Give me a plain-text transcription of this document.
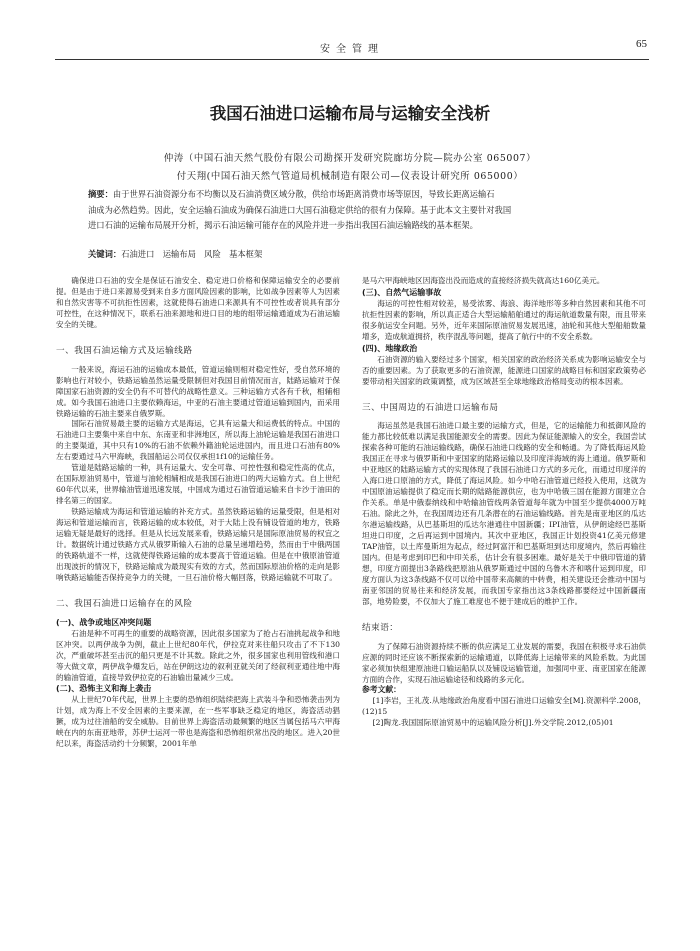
安全管理	65
我国石油进口运输布局与运输安全浅析
仲涛（中国石油天然气股份有限公司勘探开发研究院廊坊分院—院办公室 065007）
付天翔(中国石油天然气管道局机械制造有限公司—仪表设计研究所 065000）
摘要：由于世界石油资源分布不均衡以及石油消费区域分散，供给市场距离消费市场等原因，导致长距离运输石
油成为必然趋势。因此，安全运输石油成为确保石油进口大国石油稳定供给的很有力保障。基于此本文主要针对我国
进口石油的运输布局展开分析，揭示石油运输可能存在的风险并进一步指出我国石油运输路线的基本框架。
关键词：石油进口　运输布局　风险　基本框架
确保进口石油的安全是保证石油安全、稳定进口价格和保障运输安全的必要前提。但是由于进口来源易受到来自多方面风险因素的影响，比如战争因素等人为因素和自然灾害等不可抗拒性因素，这就使得石油进口来源具有不可控性或者说具有部分可控性，在这种情况下，联系石油来源地和进口目的地的组带运输通道成为石油运输安全的关键。
一、我国石油运输方式及运输线路
一般来说，海运石油的运输成本最低，管道运输则相对稳定性好，受自然环境的影响也行对较小，铁路运输虽然运量受限制但对我国目前情况而言，陆路运输对于保障国家石油资源的安全仍有不可替代的战略性意义。三种运输方式各有千秋，相辅相成。如今我国石油进口主要依赖海运，中亚的石油主要通过管道运输到国内，而采用铁路运输的石油主要来自俄罗斯。
国际石油贸易最主要的运输方式是海运，它具有运量大和运费低的特点。中国的石油进口主要集中来自中东、东南亚和非洲地区，所以海上油轮运输是我国石油进口的主要渠道，其中只有10%的石油不依赖外籍油轮运进国内，而且进口石油有80%左右要通过马六甲海峡，我国船运公司仅仅承担1f10的运输任务。
管道是陆路运输的一种，具有运量大、安全可靠、可控性强和稳定性高的优点，在国际原油贸易中，管道与油轮相辅相成是我国石油进口的两大运输方式。自上世纪60年代以来，世界输油管道迅速发展，中国成为通过石油管道运输来自卡沙于油田的排名第三的国家。
铁路运输成为海运和管道运输的补充方式。虽然铁路运输的运量受限，但是相对海运和管道运输而言，铁路运输的成本较低，对于大陆上没有铺设管道的地方，铁路运输无疑是最好的选择。但是从长远发展来看，铁路运输只是国际原油贸易的权宜之计。数据统计通过铁路方式从俄罗斯输入石油的总量呈递增趋势，然而由于中俄两国的铁路轨道不一样，这就使得铁路运输的成本要高于管道运输。但是在中俄原油管道出现波折的情况下，铁路运输成为最现实有效的方式，然而国际原油价格的走向是影响铁路运输能否保持竞争力的关键，一旦石油价格大幅回落，铁路运输就不可取了。
二、我国石油进口运输存在的风险
(一)、战争或地区冲突问题
石油是种不可再生的重要的战略资源，因此很多国家为了抢占石油挑起战争和地区冲突。以两伊战争为例，截止上世纪80年代，伊拉克对来往船只攻击了不下130次，严重破坏甚至击沉的船只更是不计其数。除此之外，很多国家也利用管线和港口等大做文章，两伊战争爆发后，站在伊朗这边的叙利亚就关闭了经叙利亚通往地中海的输油管道，直接导致伊拉克的石油输出量减少三成。
(二)、恐怖主义和海上袭击
从上世纪70年代起，世界上主要的恐怖组织陆续把海上武装斗争和恐怖袭击列为计划，成为海上不安全因素的主要来源，在一些军事缺乏稳定的地区，海盗活动猖獗，成为过往油船的安全威胁。目前世界上海盗活动最频繁的地区当属包括马六甲海峡在内的东南亚地带，苏伊士运河一带也是海盗和恐怖组织常出没的地区。进入20世纪以来，海盗活动约十分频繁，2001年单
是马六甲海峡地区因海盗出没而造成的直接经济损失就高达160亿美元。
(三)、自然气运输事故
海运的可控性相对较差，易受浓雾、海浪、海洋地形等多种自然因素和其他不可抗拒性因素的影响，所以真正适合大型运输船舶通过的海运航道数量有限，而且带来很多航运安全问题。另外，近年来国际原油贸易发展迅速，油轮和其他大型船舶数量增多，造成航道拥挤，秩序混乱等问题，提高了航行中的不安全系数。
(四)、地缘政治
石油资源的输入要经过多个国家，相关国家的政治经济关系成为影响运输安全与否的重要因素。为了获取更多的石油资源，能源进口国家的战略目标和国家政策势必要带动相关国家的政策调整，成为区域甚至全球地缘政治格局变动的根本因素。
三、中国周边的石油进口运输布局
海运虽然是我国石油进口最主要的运输方式，但是，它的运输能力和抵御风险的能力都比较低难以满足我国能源安全的需要。因此为保证能源输入的安全，我国尝试探索各种可能的石油运输线路，确保石油进口线路的安全和畅通。为了降低海运风险我国正在寻求与俄罗斯和中亚国家的陆路运输以及印度洋海域的海上通道。俄罗斯和中亚地区的陆路运输方式的实现体现了我国石油进口方式的多元化，而通过印度洋的入海口进口原油的方式，降低了海运风险。如今中哈石油管道已经投入使用，这就为中国原油运输提供了稳定而长期的陆路能源供应，也为中哈俄三国在能源方面建立合作关系。单是中俄泰纳线和中哈输油管线两条管道每年就为中国至少提供4000万吨石油。除此之外，在我国周边还有几条潜在的石油运输线路。首先是南亚地区的瓜达尔港运输线路，从巴基斯坦的瓜达尔港通往中国新疆；IPI油管，从伊朗途经巴基斯坦进口印度，之后再运到中国境内。其次中亚地区，我国正计划投资41亿美元修建TAP油管，以土库曼斯坦为起点，经过阿富汗和巴基斯坦到达印度境内，然后再输往国内。但是考虑到印巴和中印关系，估计会有很多困难。最好是关于中俄印管道的猜想，印度方面提出3条路线把原油从俄罗斯通过中国的乌鲁木齐和喀什运到印度，印度方面认为这3条线路不仅可以给中国带来高额的中转费，相关建设还会推动中国与南亚邻国的贸易往来和经济发展，而我国专家指出这3条线路都要经过中国新疆南部，地势险要，不仅加大了施工难度也不便于建成后的维护工作。
结束语：
为了保障石油资源持续不断的供应满足工业发展的需要，我国在积极寻求石油供应源的同时还应该不断探索新的运输通道，以降低海上运输带来的风险系数。为此国家必须加快组建原油进口输运船队以及铺设运输管道，加强同中亚、南亚国家在能源方面的合作，实现石油运输途径和线路的多元化。
参考文献：
[1]李岩，王礼茂.从地缘政治角度看中国石油进口运输安全[M].资源科学.2008，(12)15
[2]陶龙.我国国际原油贸易中的运输风险分析[J].外交学院.2012,(05)01
